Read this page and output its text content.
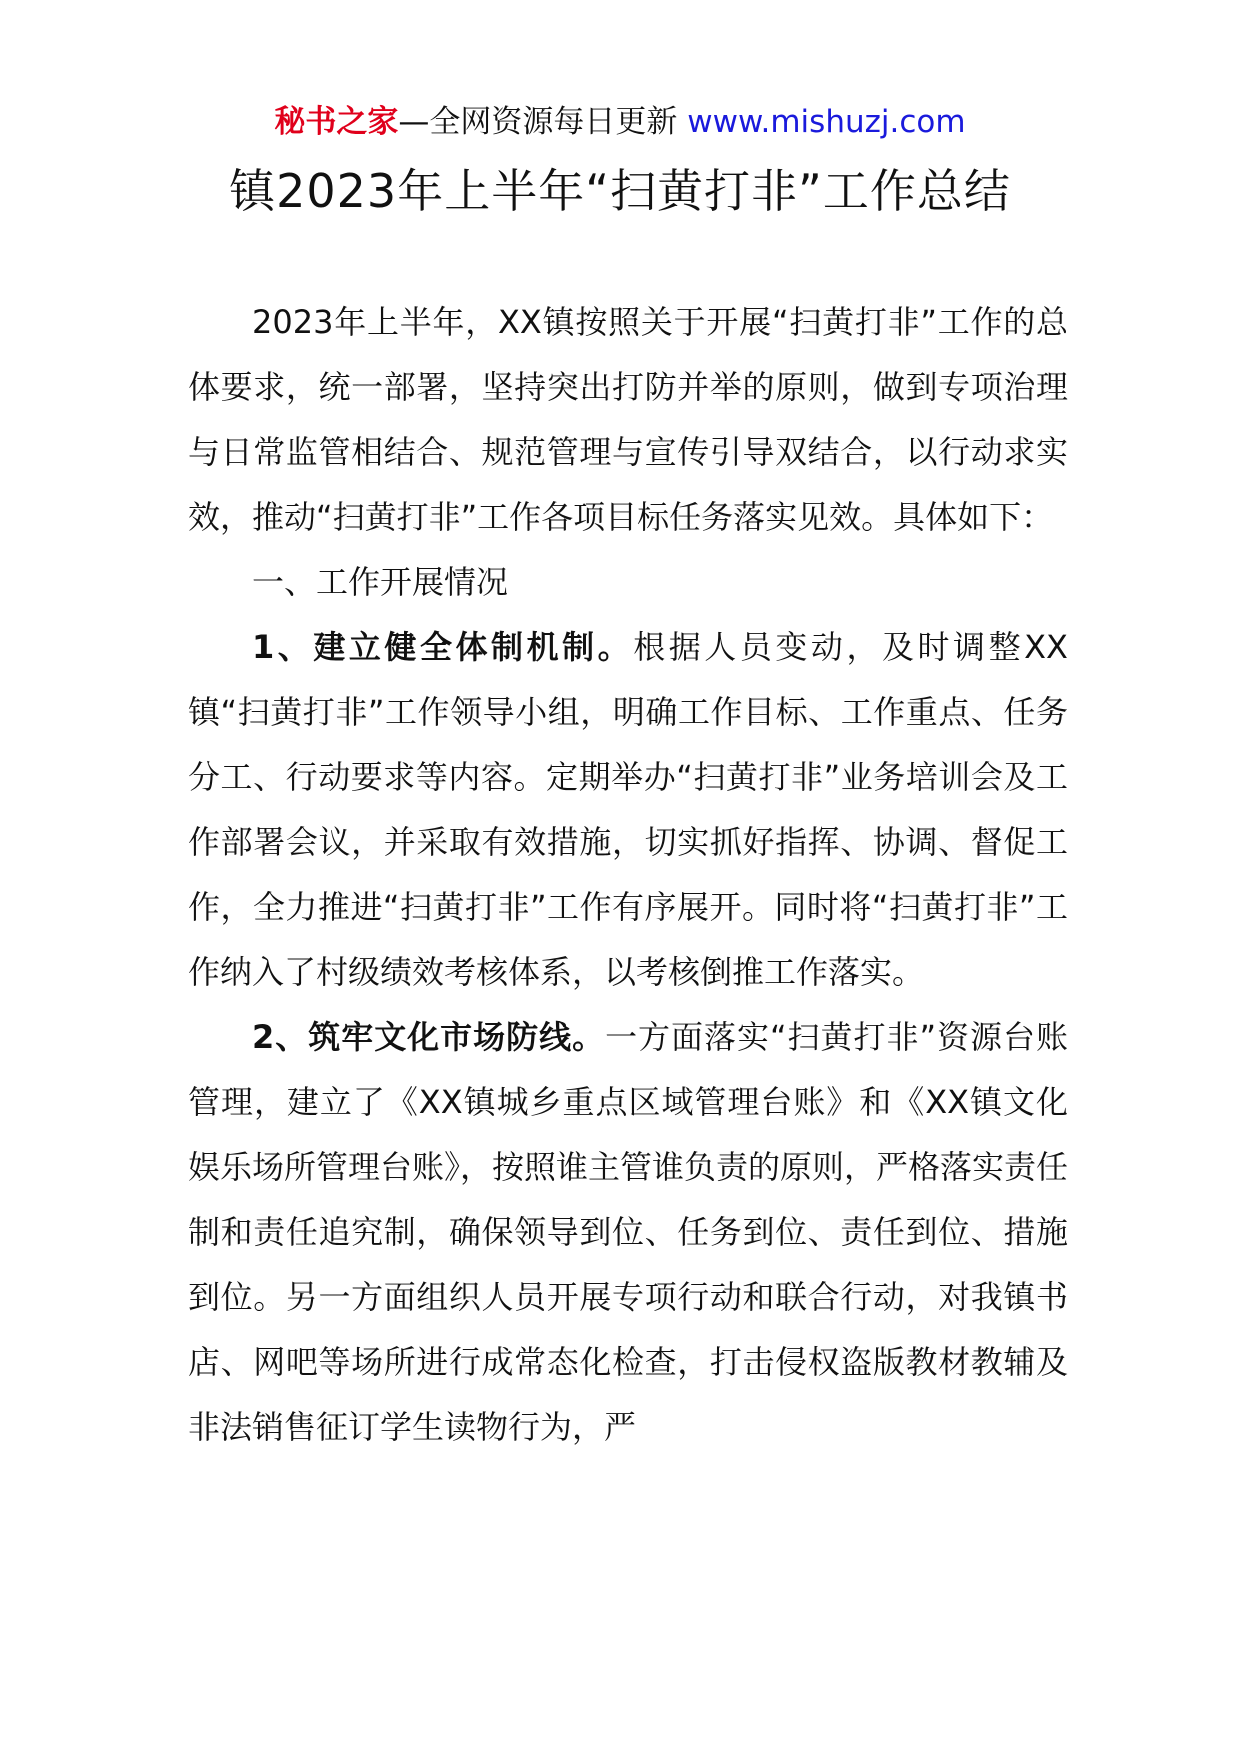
秘书之家—全网资源每日更新 www.mishuzj.com
镇2023年上半年“扫黄打非”工作总结

2023年上半年，XX镇按照关于开展“扫黄打非”工作的总体要求，统一部署，坚持突出打防并举的原则，做到专项治理与日常监管相结合、规范管理与宣传引导双结合，以行动求实效，推动“扫黄打非”工作各项目标任务落实见效。具体如下：

一、工作开展情况

1、建立健全体制机制。根据人员变动，及时调整XX镇“扫黄打非”工作领导小组，明确工作目标、工作重点、任务分工、行动要求等内容。定期举办“扫黄打非”业务培训会及工作部署会议，并采取有效措施，切实抓好指挥、协调、督促工作，全力推进“扫黄打非”工作有序展开。同时将“扫黄打非”工作纳入了村级绩效考核体系，以考核倒推工作落实。

2、筑牢文化市场防线。一方面落实“扫黄打非”资源台账管理，建立了《XX镇城乡重点区域管理台账》和《XX镇文化娱乐场所管理台账》，按照谁主管谁负责的原则，严格落实责任制和责任追究制，确保领导到位、任务到位、责任到位、措施到位。另一方面组织人员开展专项行动和联合行动，对我镇书店、网吧等场所进行成常态化检查，打击侵权盗版教材教辅及非法销售征订学生读物行为，严
